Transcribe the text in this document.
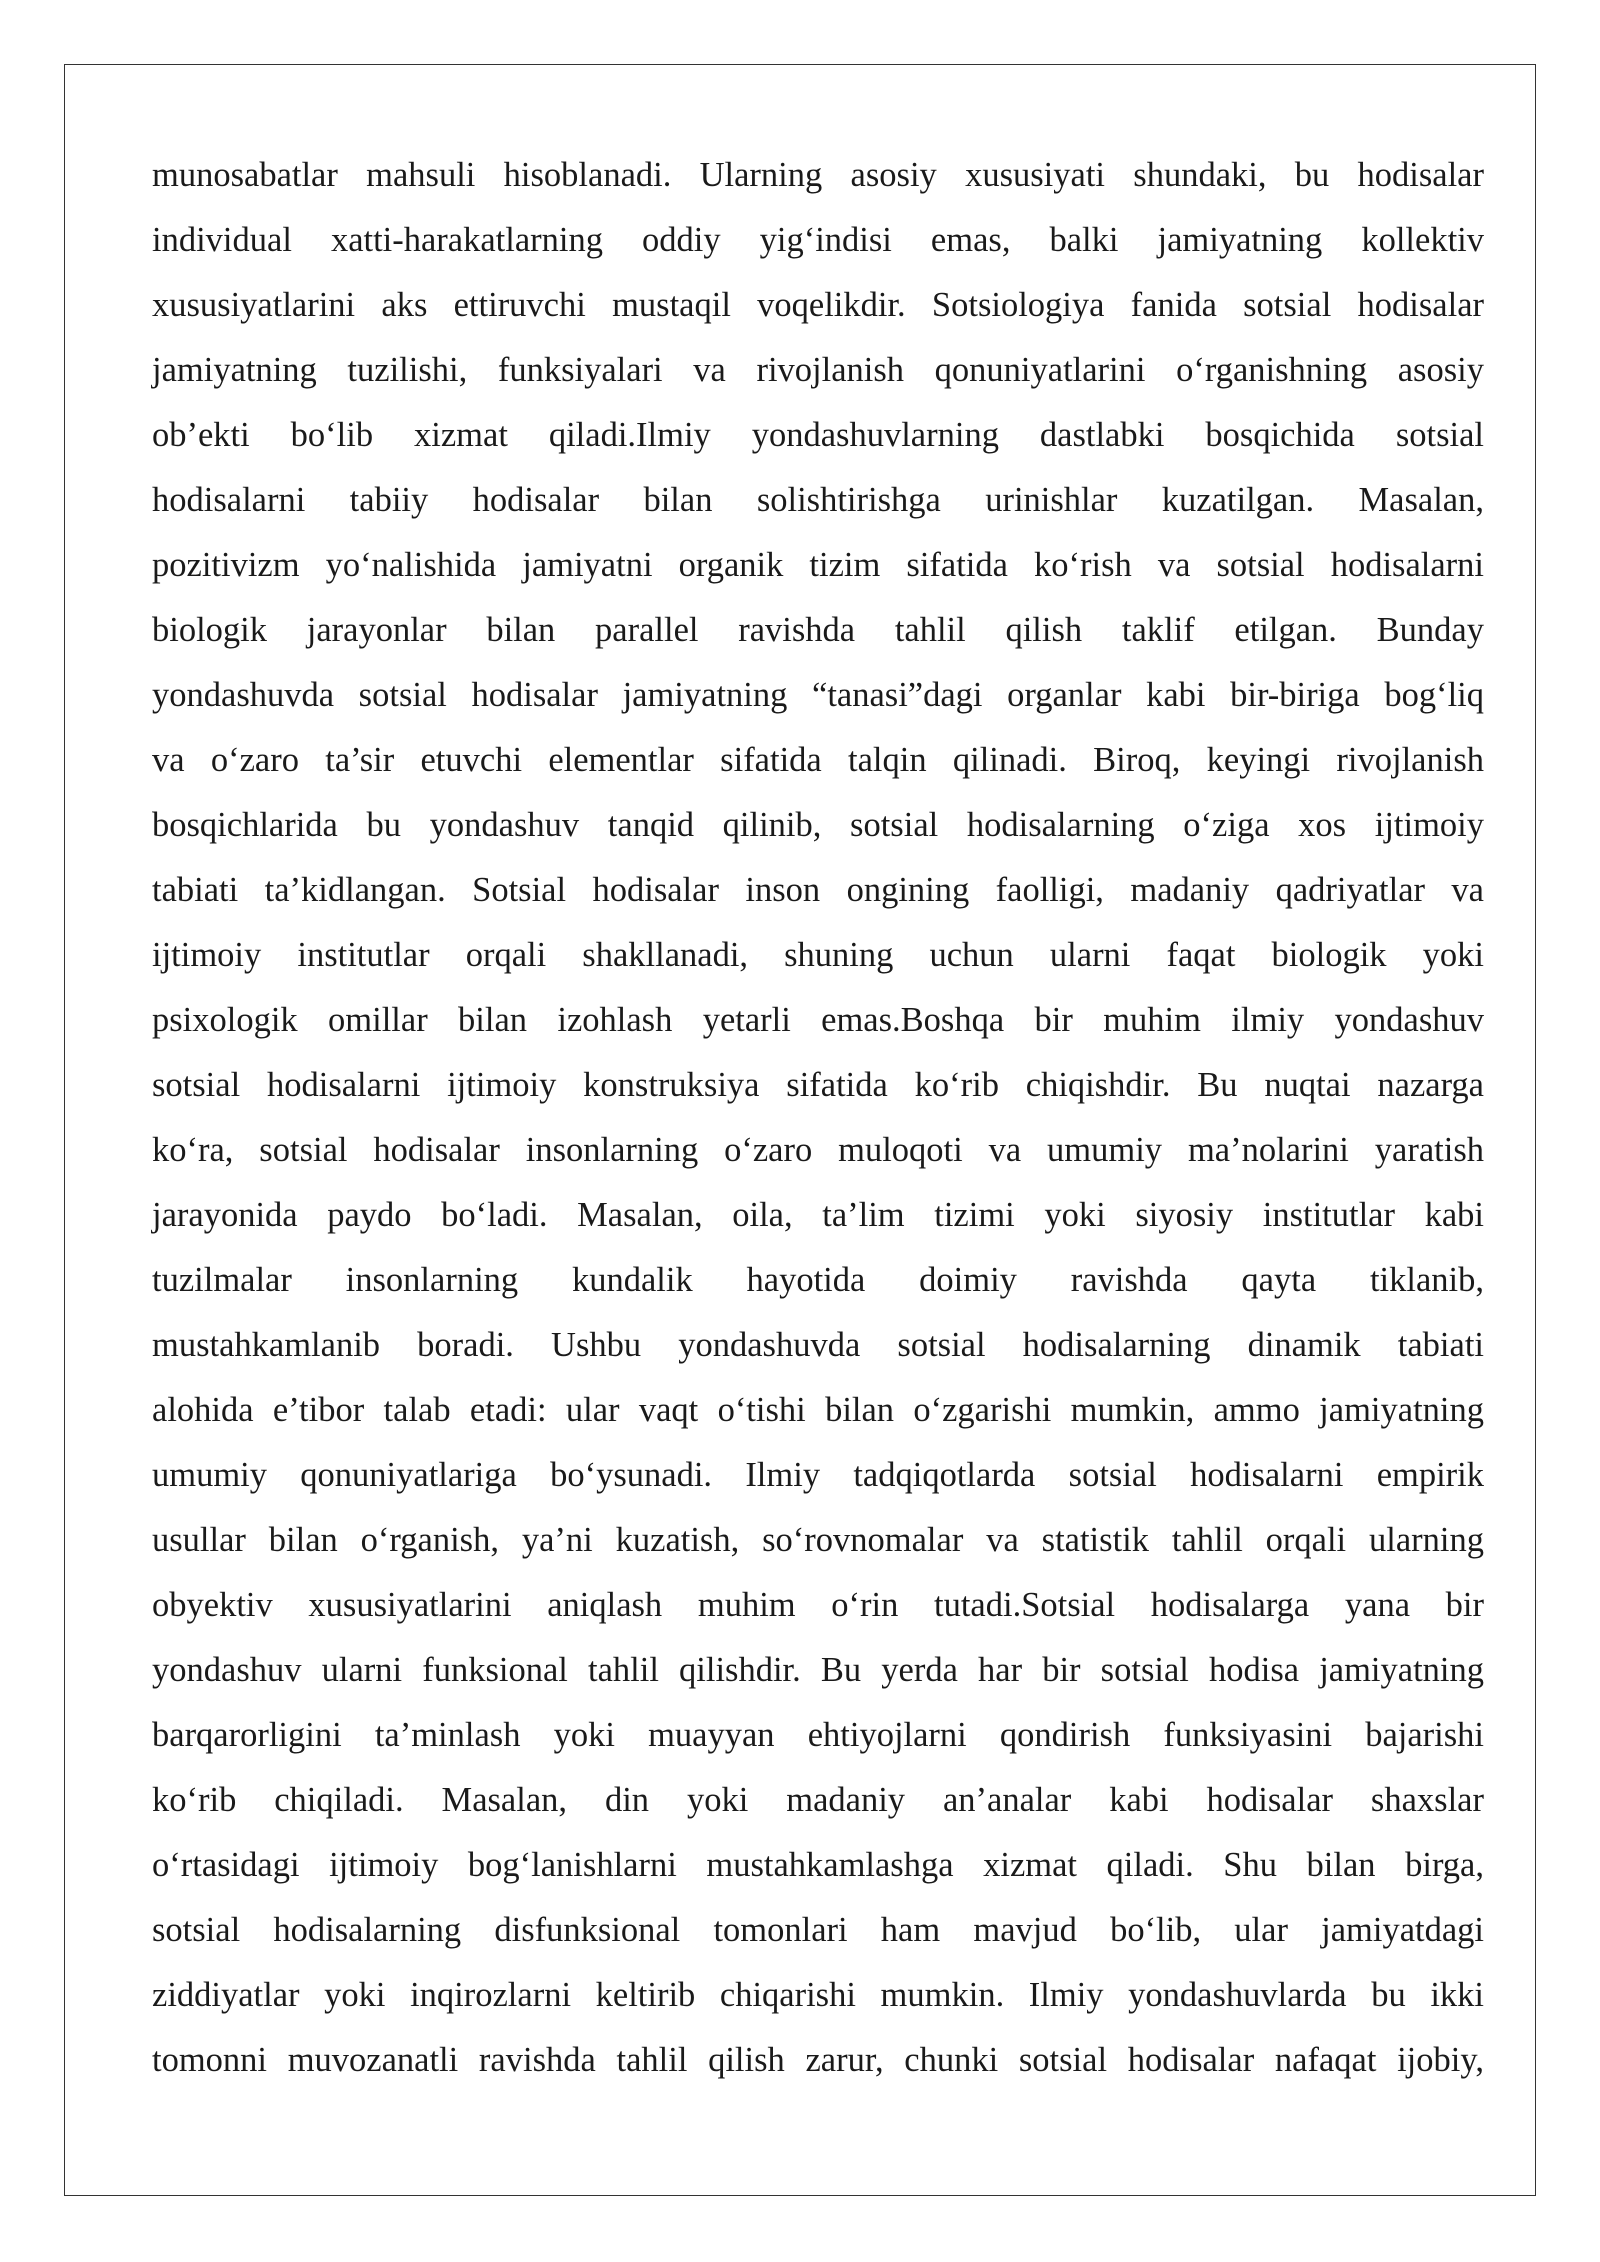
munosabatlar mahsuli hisoblanadi. Ularning asosiy xususiyati shundaki, bu hodisalar
individual xatti-harakatlarning oddiy yig‘indisi emas, balki jamiyatning kollektiv
xususiyatlarini aks ettiruvchi mustaqil voqelikdir. Sotsiologiya fanida sotsial hodisalar
jamiyatning tuzilishi, funksiyalari va rivojlanish qonuniyatlarini o‘rganishning asosiy
ob’ekti bo‘lib xizmat qiladi.Ilmiy yondashuvlarning dastlabki bosqichida sotsial
hodisalarni tabiiy hodisalar bilan solishtirishga urinishlar kuzatilgan. Masalan,
pozitivizm yo‘nalishida jamiyatni organik tizim sifatida ko‘rish va sotsial hodisalarni
biologik jarayonlar bilan parallel ravishda tahlil qilish taklif etilgan. Bunday
yondashuvda sotsial hodisalar jamiyatning “tanasi”dagi organlar kabi bir-biriga bog‘liq
va o‘zaro ta’sir etuvchi elementlar sifatida talqin qilinadi. Biroq, keyingi rivojlanish
bosqichlarida bu yondashuv tanqid qilinib, sotsial hodisalarning o‘ziga xos ijtimoiy
tabiati ta’kidlangan. Sotsial hodisalar inson ongining faolligi, madaniy qadriyatlar va
ijtimoiy institutlar orqali shakllanadi, shuning uchun ularni faqat biologik yoki
psixologik omillar bilan izohlash yetarli emas.Boshqa bir muhim ilmiy yondashuv
sotsial hodisalarni ijtimoiy konstruksiya sifatida ko‘rib chiqishdir. Bu nuqtai nazarga
ko‘ra, sotsial hodisalar insonlarning o‘zaro muloqoti va umumiy ma’nolarini yaratish
jarayonida paydo bo‘ladi. Masalan, oila, ta’lim tizimi yoki siyosiy institutlar kabi
tuzilmalar insonlarning kundalik hayotida doimiy ravishda qayta tiklanib,
mustahkamlanib boradi. Ushbu yondashuvda sotsial hodisalarning dinamik tabiati
alohida e’tibor talab etadi: ular vaqt o‘tishi bilan o‘zgarishi mumkin, ammo jamiyatning
umumiy qonuniyatlariga bo‘ysunadi. Ilmiy tadqiqotlarda sotsial hodisalarni empirik
usullar bilan o‘rganish, ya’ni kuzatish, so‘rovnomalar va statistik tahlil orqali ularning
obyektiv xususiyatlarini aniqlash muhim o‘rin tutadi.Sotsial hodisalarga yana bir
yondashuv ularni funksional tahlil qilishdir. Bu yerda har bir sotsial hodisa jamiyatning
barqarorligini ta’minlash yoki muayyan ehtiyojlarni qondirish funksiyasini bajarishi
ko‘rib chiqiladi. Masalan, din yoki madaniy an’analar kabi hodisalar shaxslar
o‘rtasidagi ijtimoiy bog‘lanishlarni mustahkamlashga xizmat qiladi. Shu bilan birga,
sotsial hodisalarning disfunksional tomonlari ham mavjud bo‘lib, ular jamiyatdagi
ziddiyatlar yoki inqirozlarni keltirib chiqarishi mumkin. Ilmiy yondashuvlarda bu ikki
tomonni muvozanatli ravishda tahlil qilish zarur, chunki sotsial hodisalar nafaqat ijobiy,
